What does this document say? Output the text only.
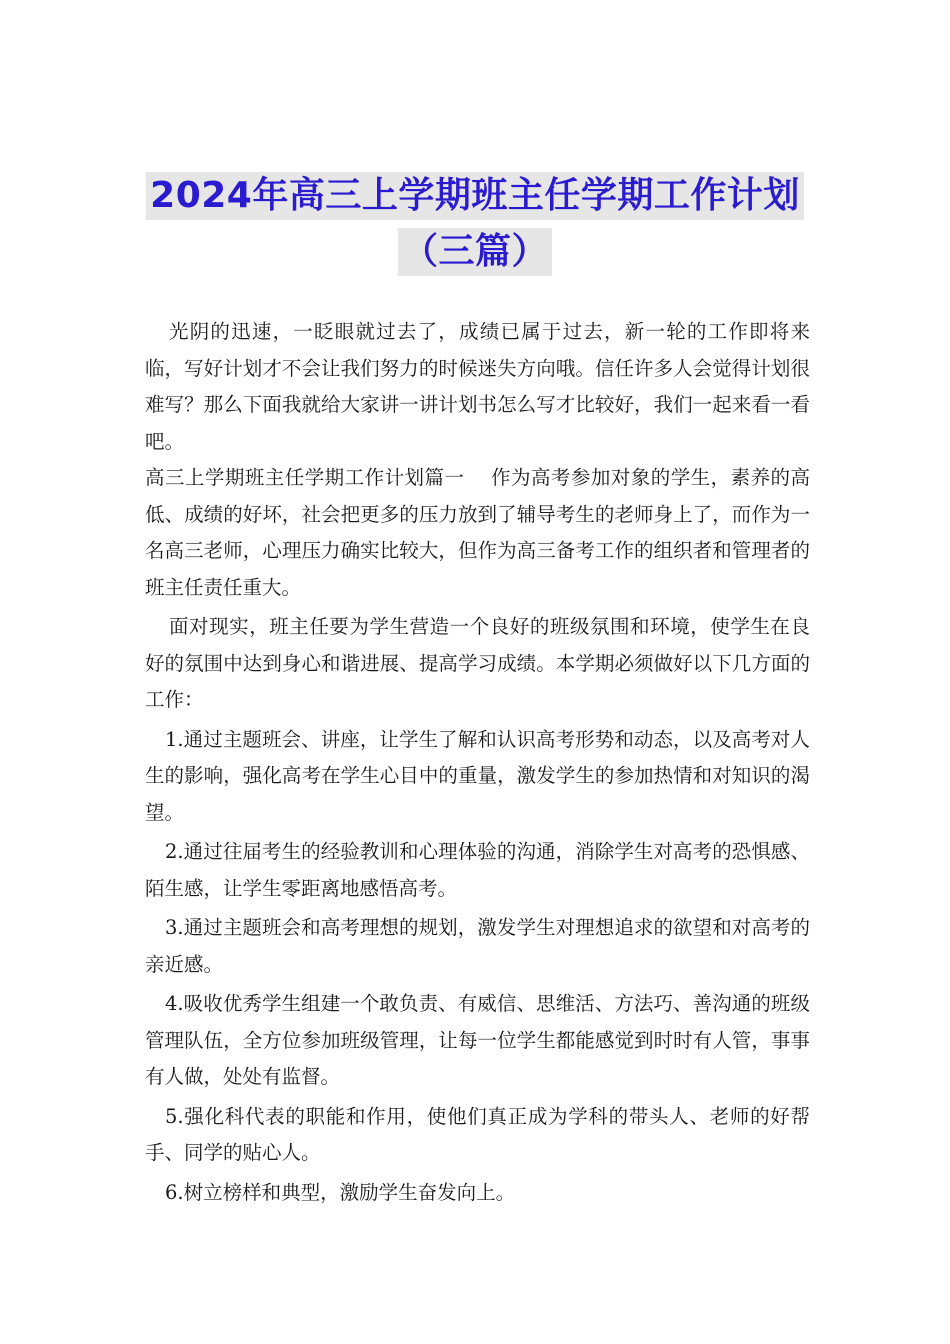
2024年高三上学期班主任学期工作计划
（三篇）

光阴的迅速，一眨眼就过去了，成绩已属于过去，新一轮的工作即将来临，写好计划才不会让我们努力的时候迷失方向哦。信任许多人会觉得计划很难写？那么下面我就给大家讲一讲计划书怎么写才比较好，我们一起来看一看吧。

高三上学期班主任学期工作计划篇一　 作为高考参加对象的学生，素养的高低、成绩的好坏，社会把更多的压力放到了辅导考生的老师身上了，而作为一名高三老师，心理压力确实比较大，但作为高三备考工作的组织者和管理者的班主任责任重大。

面对现实，班主任要为学生营造一个良好的班级氛围和环境，使学生在良好的氛围中达到身心和谐进展、提高学习成绩。本学期必须做好以下几方面的工作：

1.通过主题班会、讲座，让学生了解和认识高考形势和动态，以及高考对人生的影响，强化高考在学生心目中的重量，激发学生的参加热情和对知识的渴望。

2.通过往届考生的经验教训和心理体验的沟通，消除学生对高考的恐惧感、陌生感，让学生零距离地感悟高考。

3.通过主题班会和高考理想的规划，激发学生对理想追求的欲望和对高考的亲近感。

4.吸收优秀学生组建一个敢负责、有威信、思维活、方法巧、善沟通的班级管理队伍，全方位参加班级管理，让每一位学生都能感觉到时时有人管，事事有人做，处处有监督。

5.强化科代表的职能和作用，使他们真正成为学科的带头人、老师的好帮手、同学的贴心人。

6.树立榜样和典型，激励学生奋发向上。
